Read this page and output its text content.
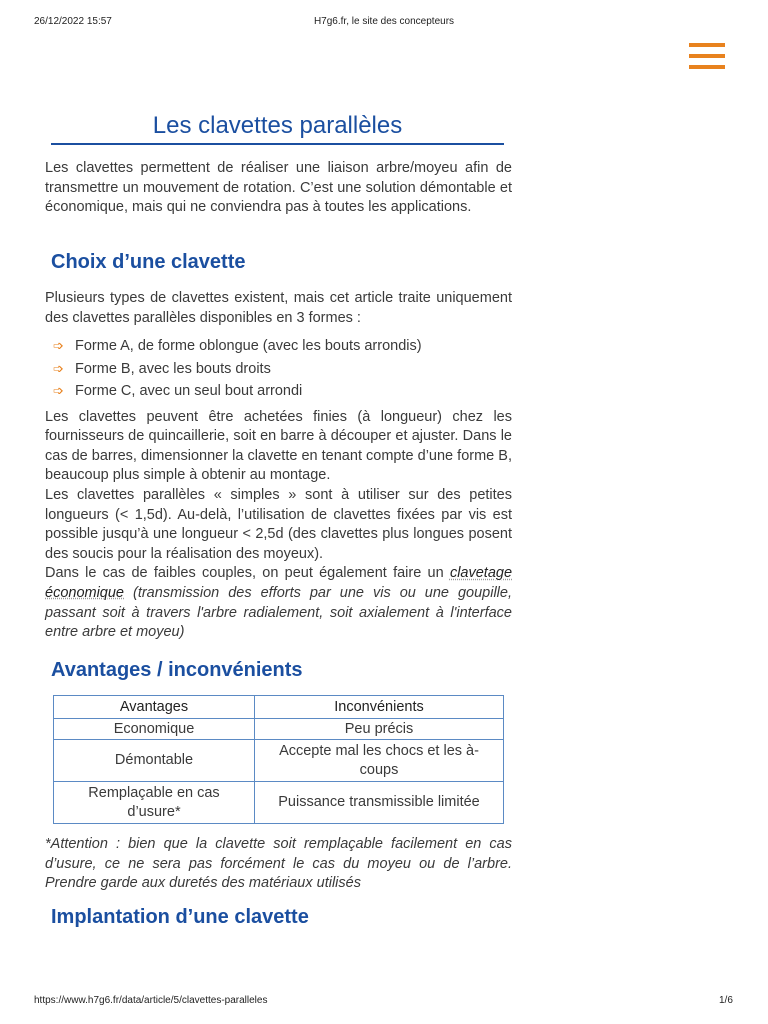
26/12/2022 15:57	H7g6.fr, le site des concepteurs
Les clavettes parallèles

Les clavettes permettent de réaliser une liaison arbre/moyeu afin de transmettre un mouvement de rotation. C’est une solution démontable et économique, mais qui ne conviendra pas à toutes les applications.

Choix d’une clavette

Plusieurs types de clavettes existent, mais cet article traite uniquement des clavettes parallèles disponibles en 3 formes :

➩ Forme A, de forme oblongue (avec les bouts arrondis)
➩ Forme B, avec les bouts droits
➩ Forme C, avec un seul bout arrondi

Les clavettes peuvent être achetées finies (à longueur) chez les fournisseurs de quincaillerie, soit en barre à découper et ajuster. Dans le cas de barres, dimensionner la clavette en tenant compte d’une forme B, beaucoup plus simple à obtenir au montage.

Les clavettes parallèles « simples » sont à utiliser sur des petites longueurs (< 1,5d). Au-delà, l’utilisation de clavettes fixées par vis est possible jusqu’à une longueur < 2,5d (des clavettes plus longues posent des soucis pour la réalisation des moyeux).

Dans le cas de faibles couples, on peut également faire un clavetage économique (transmission des efforts par une vis ou une goupille, passant soit à travers l'arbre radialement, soit axialement à l'interface entre arbre et moyeu)

Avantages / inconvénients
Avantages	Inconvénients
Economique	Peu précis
Démontable	Accepte mal les chocs et les à-coups
Remplaçable en cas d’usure*	Puissance transmissible limitée

*Attention : bien que la clavette soit remplaçable facilement en cas d’usure, ce ne sera pas forcément le cas du moyeu ou de l’arbre. Prendre garde aux duretés des matériaux utilisés

Implantation d’une clavette
https://www.h7g6.fr/data/article/5/clavettes-paralleles	1/6
